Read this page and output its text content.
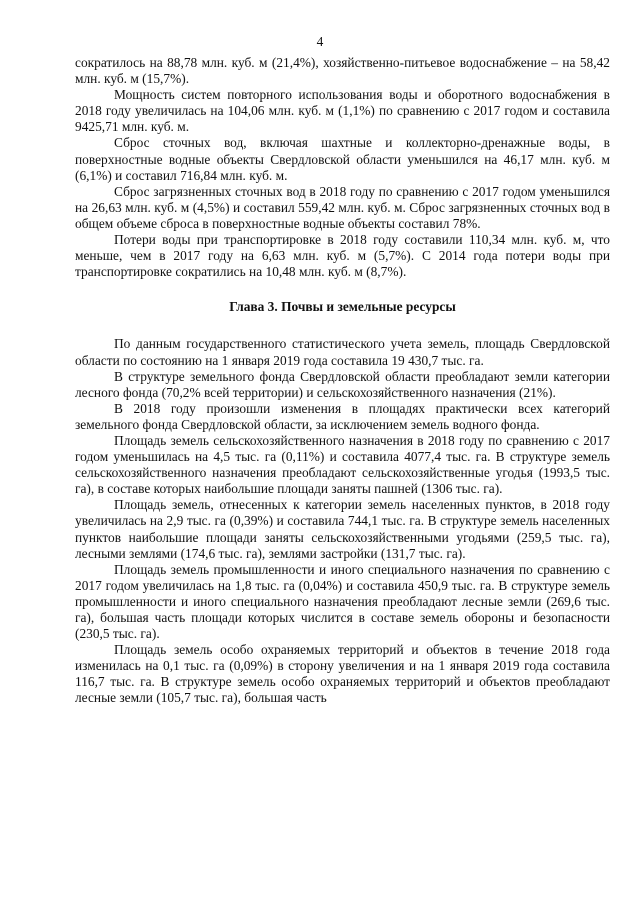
4

сократилось на 88,78 млн. куб. м (21,4%), хозяйственно-питьевое водоснабжение – на 58,42 млн. куб. м (15,7%).

Мощность систем повторного использования воды и оборотного водоснабжения в 2018 году увеличилась на 104,06 млн. куб. м (1,1%) по сравнению с 2017 годом и составила 9425,71 млн. куб. м.

Сброс сточных вод, включая шахтные и коллекторно-дренажные воды, в поверхностные водные объекты Свердловской области уменьшился на 46,17 млн. куб. м (6,1%) и составил 716,84 млн. куб. м.

Сброс загрязненных сточных вод в 2018 году по сравнению с 2017 годом уменьшился на 26,63 млн. куб. м (4,5%) и составил 559,42 млн. куб. м. Сброс загрязненных сточных вод в общем объеме сброса в поверхностные водные объекты составил 78%.

Потери воды при транспортировке в 2018 году составили 110,34 млн. куб. м, что меньше, чем в 2017 году на 6,63 млн. куб. м (5,7%). С 2014 года потери воды при транспортировке сократились на 10,48 млн. куб. м (8,7%).

Глава 3. Почвы и земельные ресурсы

По данным государственного статистического учета земель, площадь Свердловской области по состоянию на 1 января 2019 года составила 19 430,7 тыс. га.

В структуре земельного фонда Свердловской области преобладают земли категории лесного фонда (70,2% всей территории) и сельскохозяйственного назначения (21%).

В 2018 году произошли изменения в площадях практически всех категорий земельного фонда Свердловской области, за исключением земель водного фонда.

Площадь земель сельскохозяйственного назначения в 2018 году по сравнению с 2017 годом уменьшилась на 4,5 тыс. га (0,11%) и составила 4077,4 тыс. га. В структуре земель сельскохозяйственного назначения преобладают сельскохозяйственные угодья (1993,5 тыс. га), в составе которых наибольшие площади заняты пашней (1306 тыс. га).

Площадь земель, отнесенных к категории земель населенных пунктов, в 2018 году увеличилась на 2,9 тыс. га (0,39%) и составила 744,1 тыс. га. В структуре земель населенных пунктов наибольшие площади заняты сельскохозяйственными угодьями (259,5 тыс. га), лесными землями (174,6 тыс. га), землями застройки (131,7 тыс. га).

Площадь земель промышленности и иного специального назначения по сравнению с 2017 годом увеличилась на 1,8 тыс. га (0,04%) и составила 450,9 тыс. га. В структуре земель промышленности и иного специального назначения преобладают лесные земли (269,6 тыс. га), большая часть площади которых числится в составе земель обороны и безопасности (230,5 тыс. га).

Площадь земель особо охраняемых территорий и объектов в течение 2018 года изменилась на 0,1 тыс. га (0,09%) в сторону увеличения и на 1 января 2019 года составила 116,7 тыс. га. В структуре земель особо охраняемых территорий и объектов преобладают лесные земли (105,7 тыс. га), большая часть
